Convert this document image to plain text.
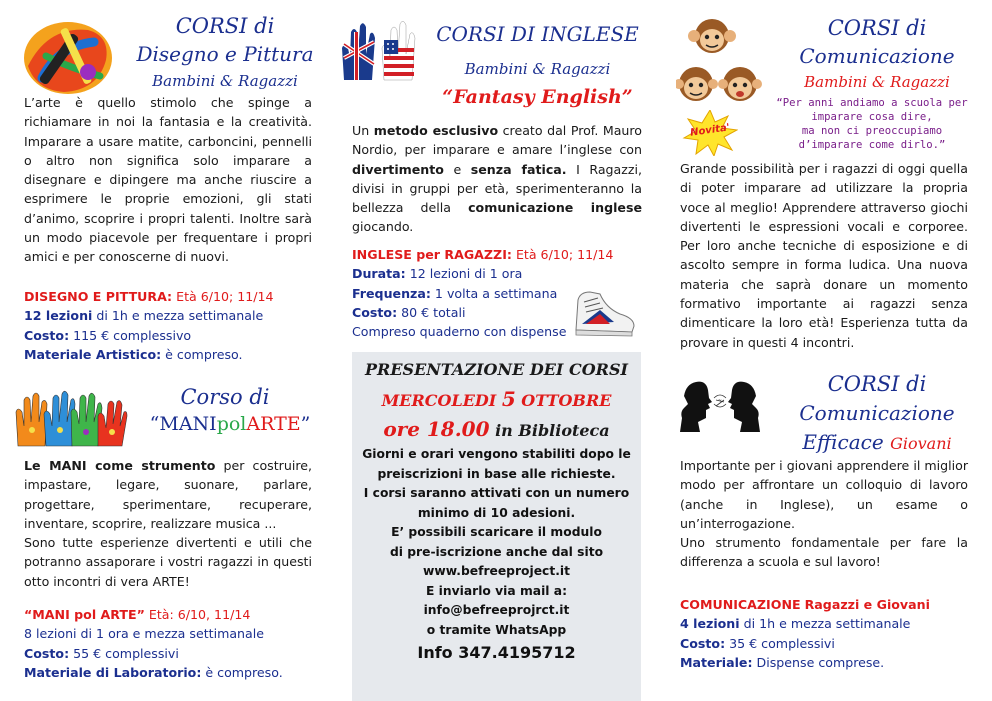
CORSI di
Disegno e Pittura
Bambini & Ragazzi
L’arte è quello stimolo che spinge a richiamare in noi la fantasia e la creatività. Imparare a usare matite, carboncini, pennelli o altro non significa solo imparare a disegnare e dipingere ma anche riuscire a esprimere le proprie emozioni, gli stati d’animo, scoprire i propri talenti. Inoltre sarà un modo piacevole per frequentare i propri amici e per conoscerne di nuovi.
DISEGNO E PITTURA: Età 6/10; 11/14
12 lezioni di 1h e mezza settimanale
Costo: 115 € complessivo
Materiale Artistico: è compreso.
Corso di
“MANIpolARTE”
Le MANI come strumento per costruire, impastare, legare, suonare, parlare, progettare, sperimentare, recuperare, inventare, scoprire, realizzare musica ...
Sono tutte esperienze divertenti e utili che potranno assaporare i vostri ragazzi in questi otto incontri di vera ARTE!
“MANI pol ARTE” Età: 6/10, 11/14
8 lezioni di 1 ora e mezza settimanale
Costo: 55 € complessivi
Materiale di Laboratorio: è compreso.
CORSI DI INGLESE
Bambini & Ragazzi
“Fantasy English”
Un metodo esclusivo creato dal Prof. Mauro Nordio, per imparare e amare l’inglese con divertimento e senza fatica. I Ragazzi, divisi in gruppi per età, sperimenteranno la bellezza della comunicazione inglese giocando.
INGLESE per RAGAZZI: Età 6/10; 11/14
Durata: 12 lezioni di 1 ora
Frequenza: 1 volta a settimana
Costo: 80 € totali
Compreso quaderno con dispense
PRESENTAZIONE DEI CORSI
MERCOLEDI 5 OTTOBRE
ore 18.00 in Biblioteca
Giorni e orari vengono stabiliti dopo le
preiscrizioni in base alle richieste.
I corsi saranno attivati con un numero
minimo di 10 adesioni.
E’ possibili scaricare il modulo
di pre-iscrizione anche dal sito
www.befreeproject.it
E inviarlo via mail a:
info@befreeprojrct.it
o tramite WhatsApp
Info 347.4195712
CORSI di
Comunicazione
Bambini & Ragazzi
“Per anni andiamo a scuola per
imparare cosa dire,
ma non ci preoccupiamo
d’imparare come dirlo.”
Novita'
Grande possibilità per i ragazzi di oggi quella di poter imparare ad utilizzare la propria voce al meglio! Apprendere attraverso giochi divertenti le espressioni vocali e corporee. Per loro anche tecniche di esposizione e di ascolto sempre in forma ludica. Una nuova materia che saprà donare un momento formativo importante ai ragazzi senza dimenticare la loro età! Esperienza tutta da provare in questi 4 incontri.
~
CORSI di
Comunicazione
Efficace Giovani
Importante per i giovani apprendere il miglior modo per affrontare un colloquio di lavoro (anche in Inglese), un esame o un’interrogazione.
Uno strumento fondamentale per fare la differenza a scuola e sul lavoro!
COMUNICAZIONE Ragazzi e Giovani
4 lezioni di 1h e mezza settimanale
Costo: 35 € complessivi
Materiale: Dispense comprese.
